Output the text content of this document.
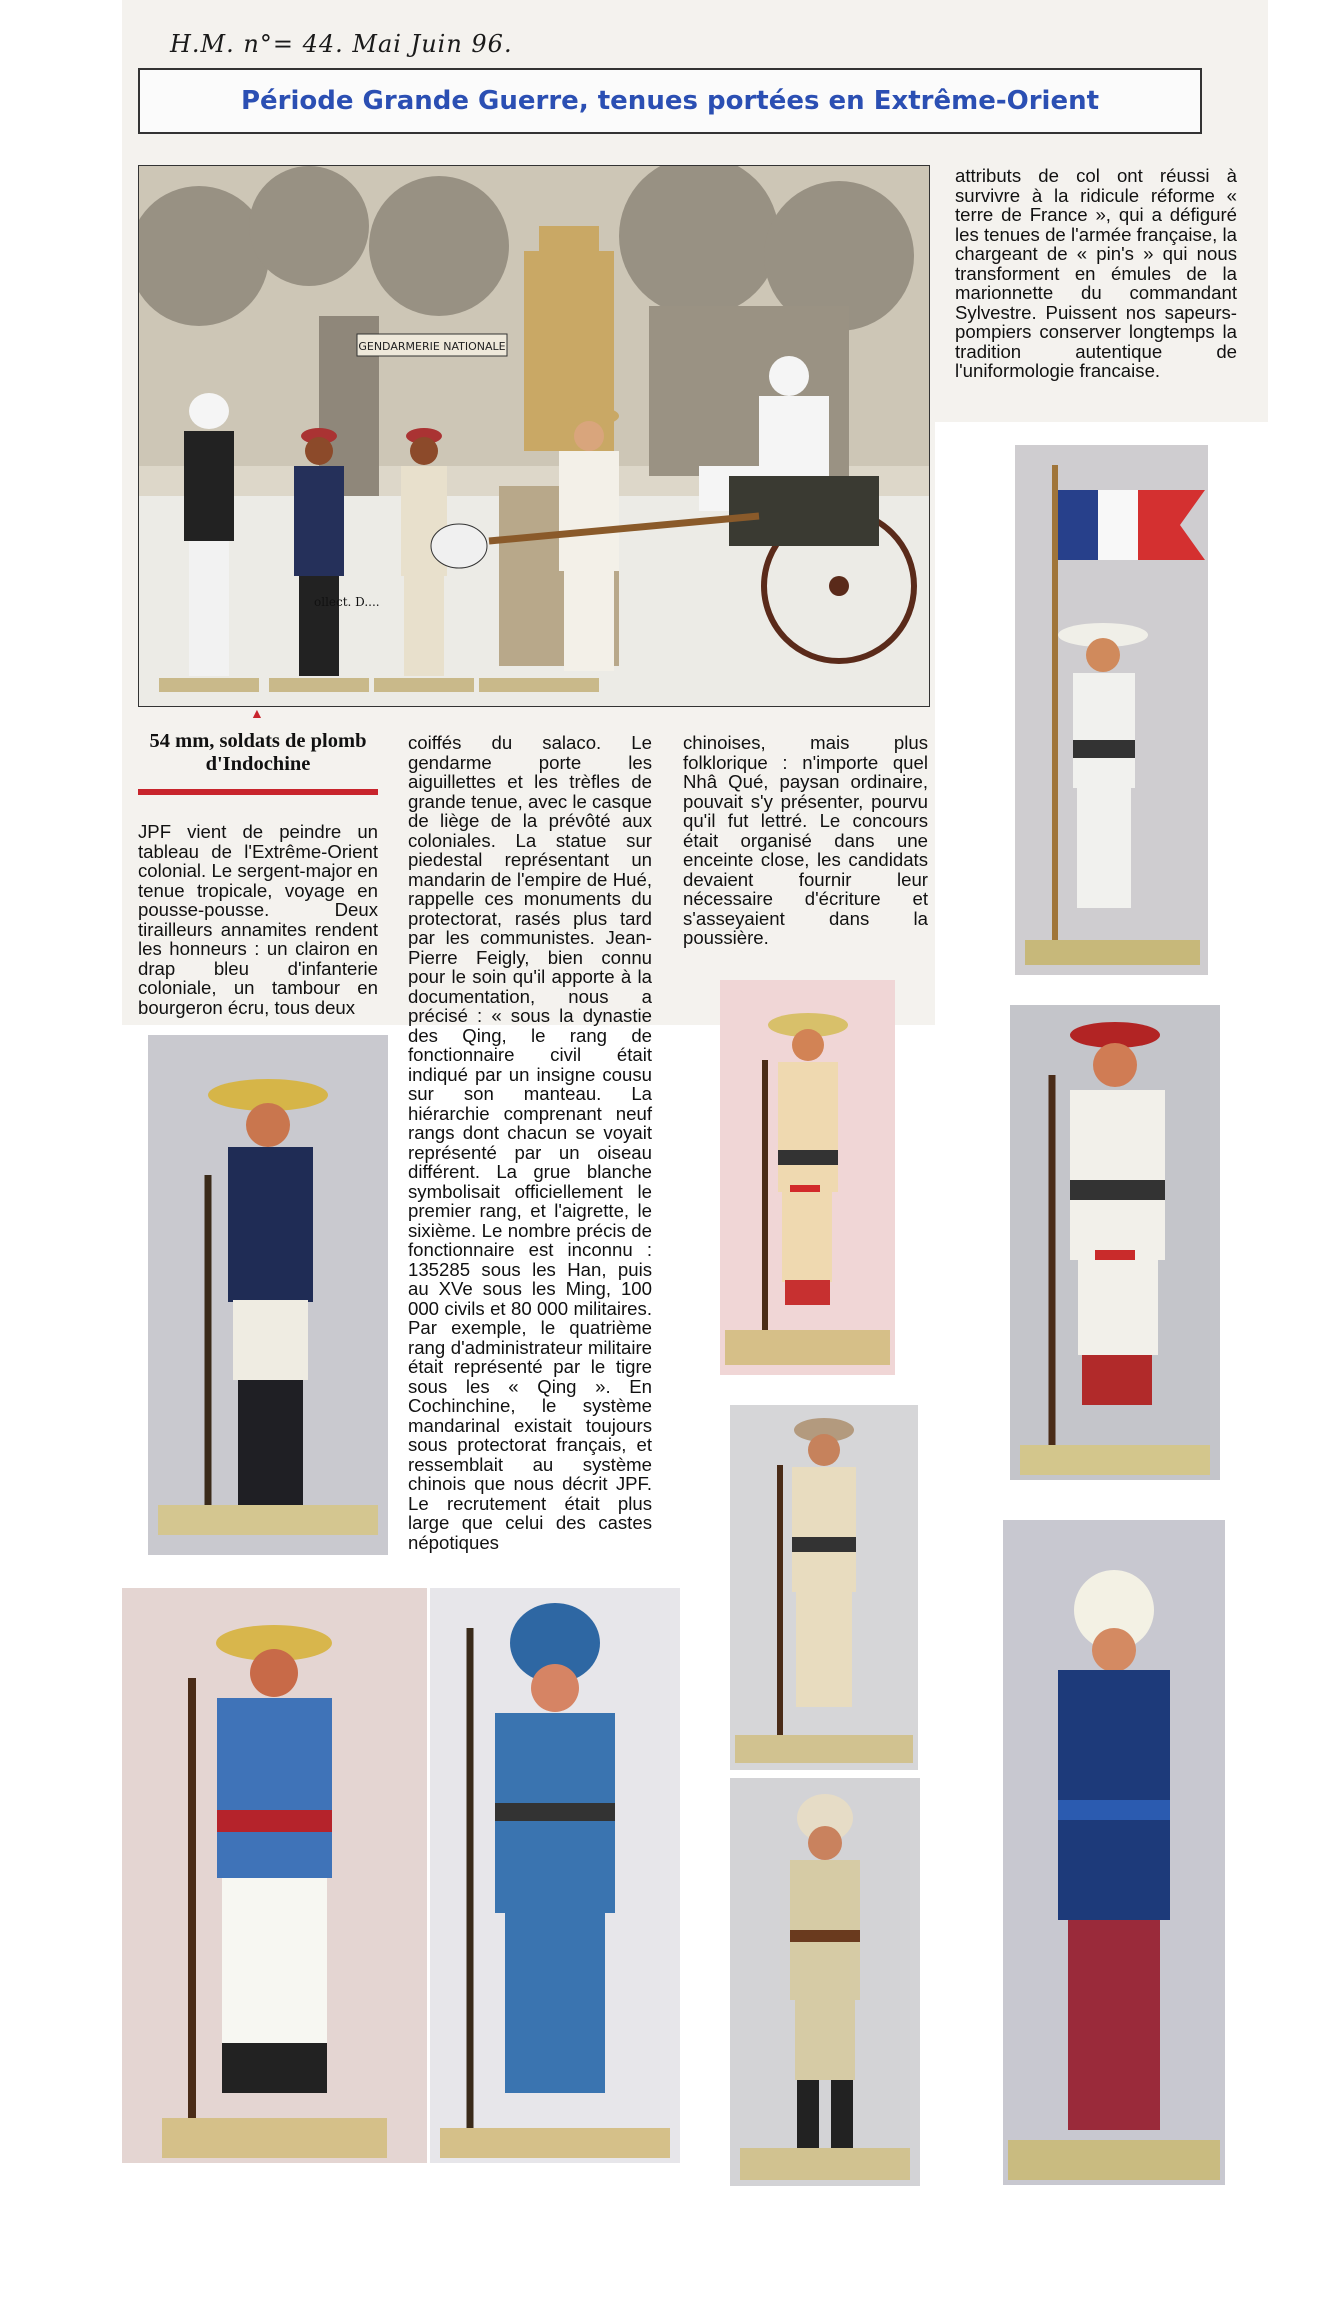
H.M. n°= 44. Mai Juin 96.
Période Grande Guerre, tenues portées en Extrême-Orient
GENDARMERIE NATIONALE
ollect. D....
▲
54 mm, soldats de plomb d'Indochine

attributs de col ont réussi à survivre à la ridicule réforme « terre de France », qui a défiguré les tenues de l'armée française, la chargeant de « pin's » qui nous transforment en émules de la marionnette du commandant Sylvestre. Puissent nos sapeurs-pompiers conserver longtemps la tradition autentique de l'uniformologie francaise.

JPF vient de peindre un tableau de l'Extrême-Orient colonial. Le sergent-major en tenue tropicale, voyage en pousse-pousse. Deux tirailleurs annamites rendent les honneurs : un clairon en drap bleu d'infanterie coloniale, un tambour en bourgeron écru, tous deux

coiffés du salaco. Le gendarme porte les aiguillettes et les trèfles de grande tenue, avec le casque de liège de la prévôté aux coloniales. La statue sur piedestal représentant un mandarin de l'empire de Hué, rappelle ces monuments du protectorat, rasés plus tard par les communistes. Jean-Pierre Feigly, bien connu pour le soin qu'il apporte à la documentation, nous a précisé : « sous la dynastie des Qing, le rang de fonctionnaire civil était indiqué par un insigne cousu sur son manteau. La hiérarchie comprenant neuf rangs dont chacun se voyait représenté par un oiseau différent. La grue blanche symbolisait officiellement le premier rang, et l'aigrette, le sixième. Le nombre précis de fonctionnaire est inconnu : 135285 sous les Han, puis au XVe sous les Ming, 100 000 civils et 80 000 militaires. Par exemple, le quatrième rang d'administrateur militaire était représenté par le tigre sous les « Qing ». En Cochinchine, le système mandarinal existait toujours sous protectorat français, et ressemblait au système chinois que nous décrit JPF. Le recrutement était plus large que celui des castes népotiques

chinoises, mais plus folklorique : n'importe quel Nhâ Qué, paysan ordinaire, pouvait s'y présenter, pourvu qu'il fut lettré. Le concours était organisé dans une enceinte close, les candidats devaient fournir leur nécessaire d'écriture et s'asseyaient dans la poussière.
